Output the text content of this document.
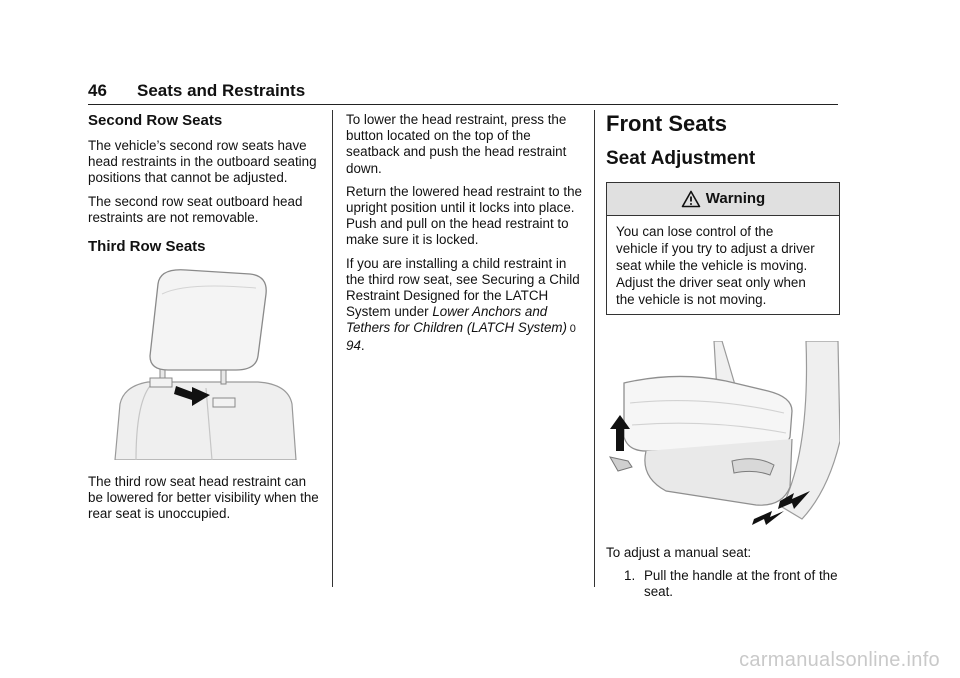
46 Seats and Restraints
Second Row Seats

The vehicle’s second row seats have head restraints in the outboard seating positions that cannot be adjusted.

The second row seat outboard head restraints are not removable.

Third Row Seats

The third row seat head restraint can be lowered for better visibility when the rear seat is unoccupied.

To lower the head restraint, press the button located on the top of the seatback and push the head restraint down.

Return the lowered head restraint to the upright position until it locks into place. Push and pull on the head restraint to make sure it is locked.

If you are installing a child restraint in the third row seat, see Securing a Child Restraint Designed for the LATCH System under Lower Anchors and Tethers for Children (LATCH System)  0 94.

Front Seats
Seat Adjustment
Warning

You can lose control of the

vehicle if you try to adjust a driver

seat while the vehicle is moving.

Adjust the driver seat only when

the vehicle is not moving.

To adjust a manual seat:

1. Pull the handle at the front of the seat.
carmanualsonline.info
